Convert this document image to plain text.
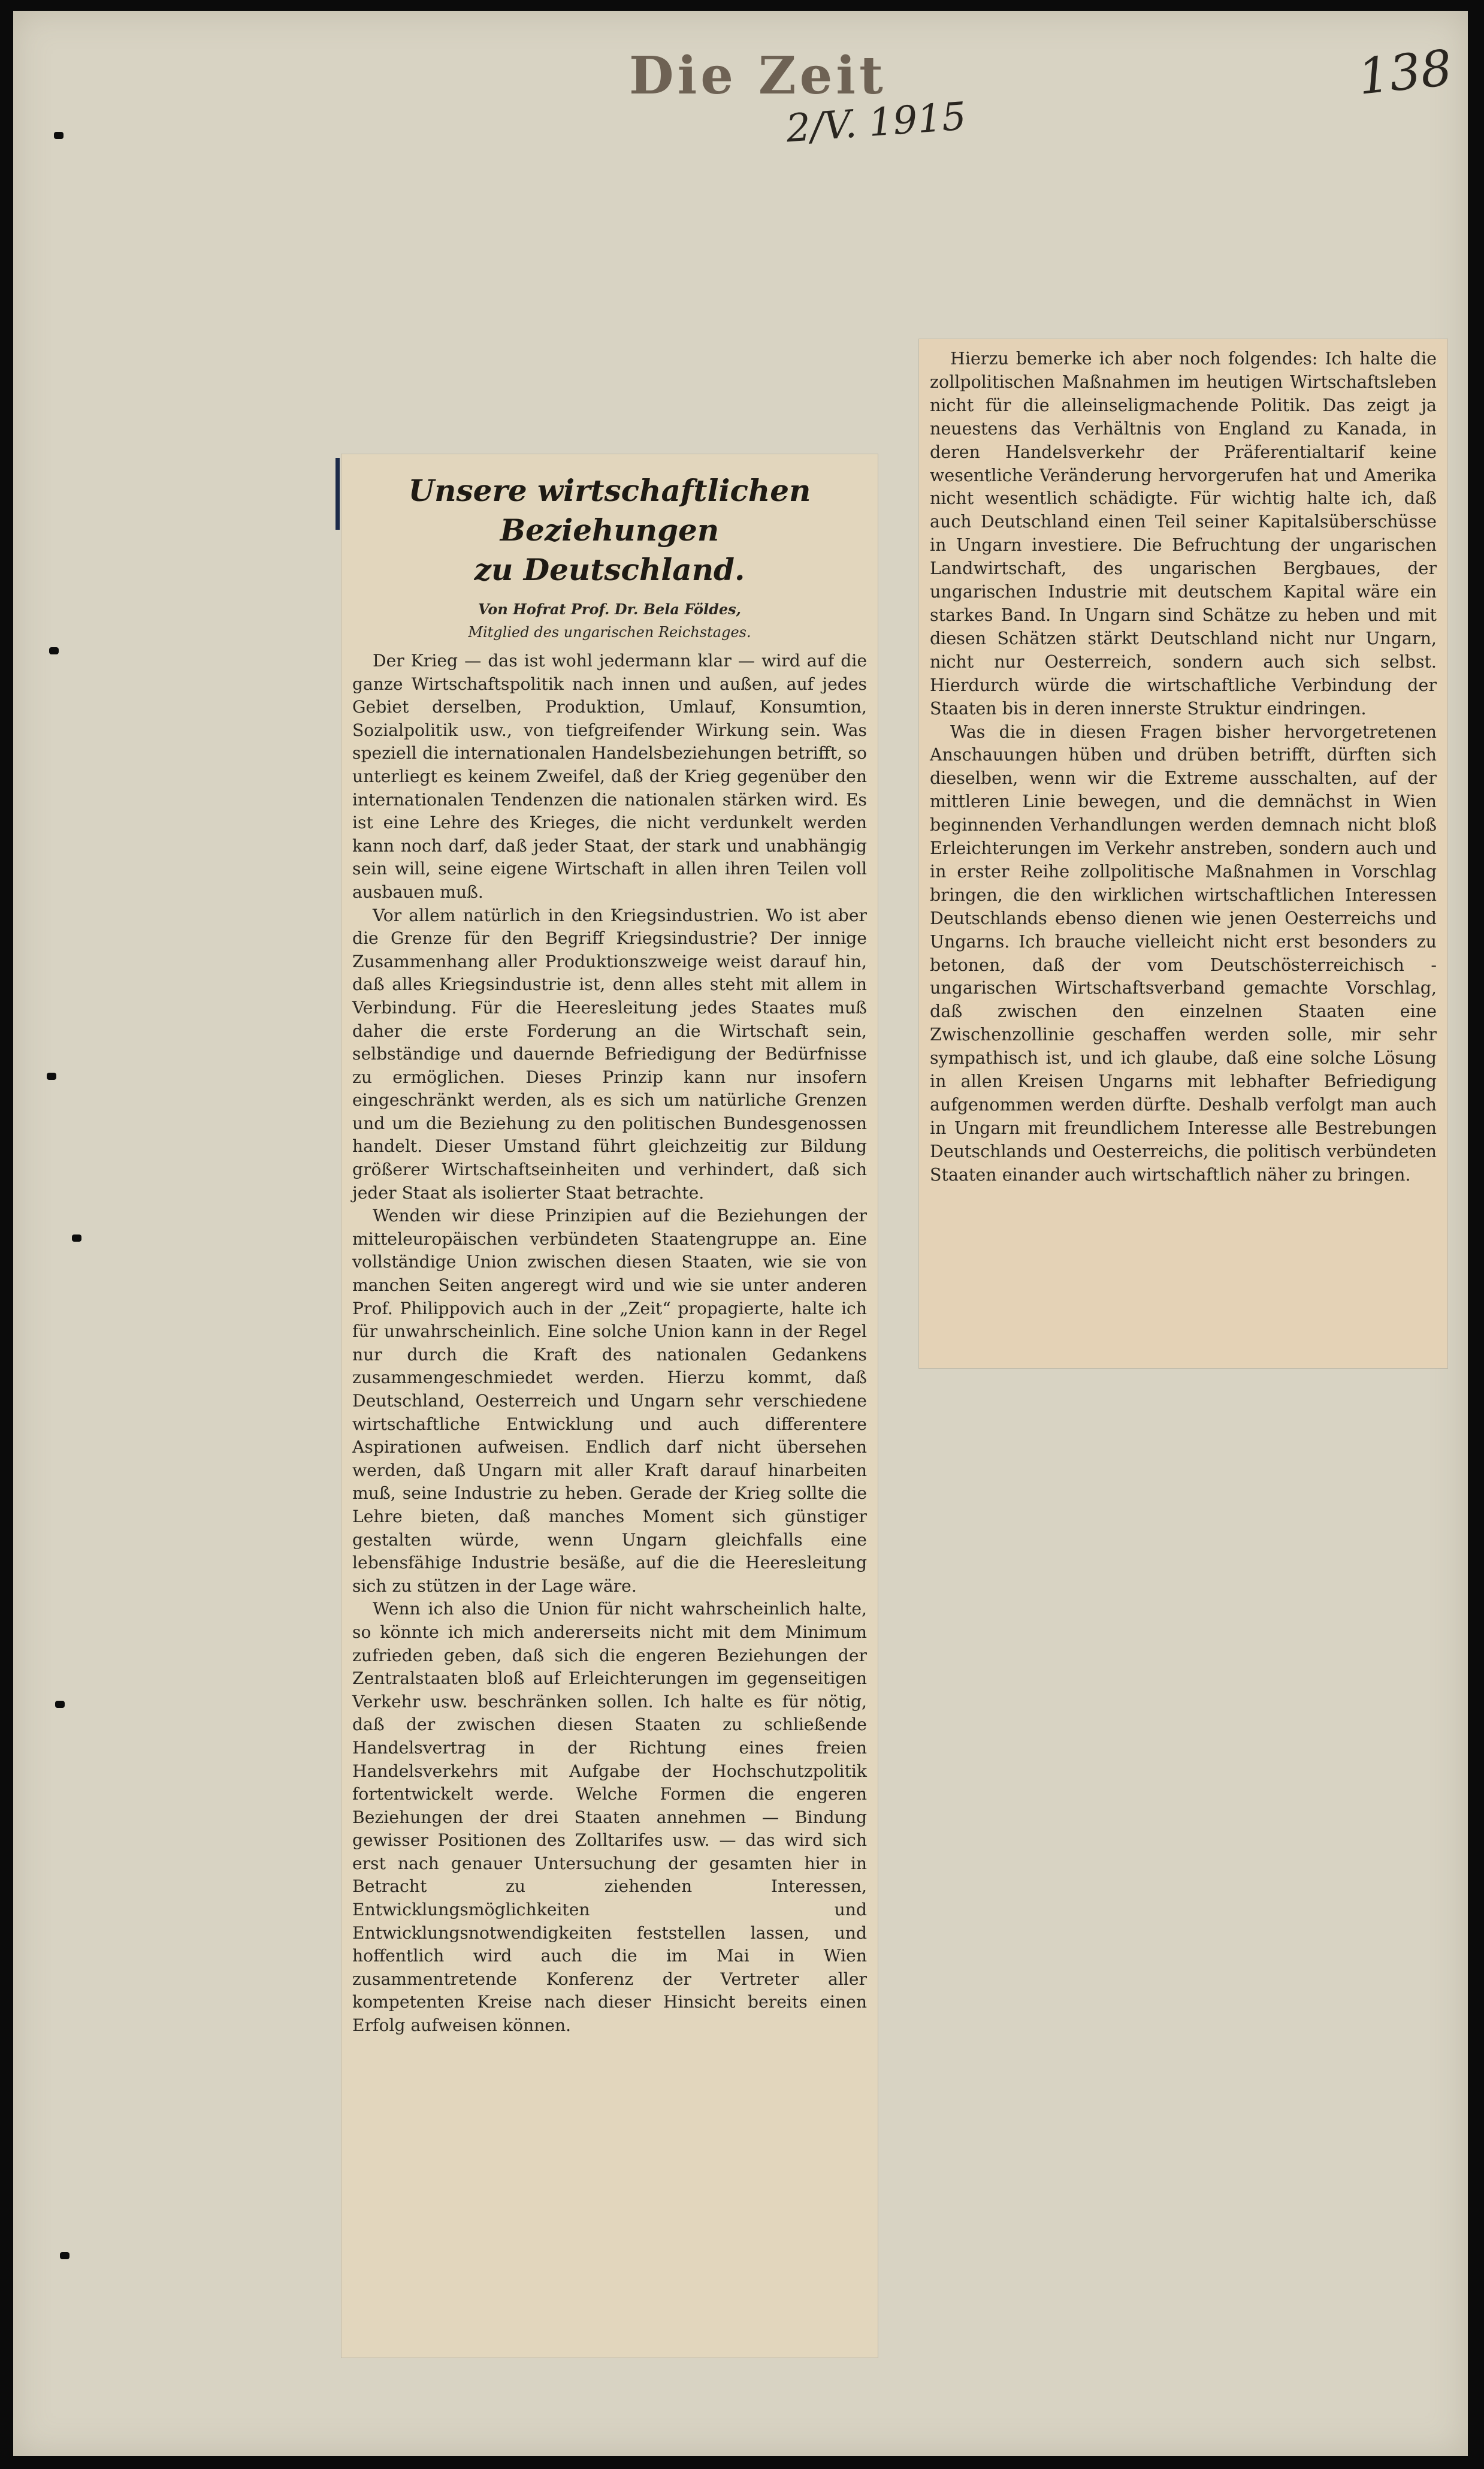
Die Zeit
2/V. 1915
138
Unsere wirtschaftlichen Beziehungen
zu Deutschland.
Von Hofrat Prof. Dr. Bela Földes,
Mitglied des ungarischen Reichstages.

Der Krieg — das ist wohl jedermann klar — wird auf die ganze Wirtschaftspolitik nach innen und außen, auf jedes Gebiet derselben, Produktion, Umlauf, Konsumtion, Sozialpolitik usw., von tiefgreifender Wirkung sein. Was speziell die internationalen Handelsbeziehungen betrifft, so unterliegt es keinem Zweifel, daß der Krieg gegenüber den internationalen Tendenzen die nationalen stärken wird. Es ist eine Lehre des Krieges, die nicht verdunkelt werden kann noch darf, daß jeder Staat, der stark und unabhängig sein will, seine eigene Wirtschaft in allen ihren Teilen voll ausbauen muß.

Vor allem natürlich in den Kriegsindustrien. Wo ist aber die Grenze für den Begriff Kriegsindustrie? Der innige Zusammenhang aller Produktionszweige weist darauf hin, daß alles Kriegsindustrie ist, denn alles steht mit allem in Verbindung. Für die Heeresleitung jedes Staates muß daher die erste Forderung an die Wirtschaft sein, selbständige und dauernde Befriedigung der Bedürfnisse zu ermöglichen. Dieses Prinzip kann nur insofern eingeschränkt werden, als es sich um natürliche Grenzen und um die Beziehung zu den politischen Bundesgenossen handelt. Dieser Umstand führt gleichzeitig zur Bildung größerer Wirtschaftseinheiten und verhindert, daß sich jeder Staat als isolierter Staat betrachte.

Wenden wir diese Prinzipien auf die Beziehungen der mitteleuropäischen verbündeten Staatengruppe an. Eine vollständige Union zwischen diesen Staaten, wie sie von manchen Seiten angeregt wird und wie sie unter anderen Prof. Philippovich auch in der „Zeit“ propagierte, halte ich für unwahrscheinlich. Eine solche Union kann in der Regel nur durch die Kraft des nationalen Gedankens zusammengeschmiedet werden. Hierzu kommt, daß Deutschland, Oesterreich und Ungarn sehr verschiedene wirtschaftliche Entwicklung und auch differentere Aspirationen aufweisen. Endlich darf nicht übersehen werden, daß Ungarn mit aller Kraft darauf hinarbeiten muß, seine Industrie zu heben. Gerade der Krieg sollte die Lehre bieten, daß manches Moment sich günstiger gestalten würde, wenn Ungarn gleichfalls eine lebensfähige Industrie besäße, auf die die Heeresleitung sich zu stützen in der Lage wäre.

Wenn ich also die Union für nicht wahrscheinlich halte, so könnte ich mich andererseits nicht mit dem Minimum zufrieden geben, daß sich die engeren Beziehungen der Zentralstaaten bloß auf Erleichterungen im gegenseitigen Verkehr usw. beschränken sollen. Ich halte es für nötig, daß der zwischen diesen Staaten zu schließende Handelsvertrag in der Richtung eines freien Handelsverkehrs mit Aufgabe der Hochschutzpolitik fortentwickelt werde. Welche Formen die engeren Beziehungen der drei Staaten annehmen — Bindung gewisser Positionen des Zolltarifes usw. — das wird sich erst nach genauer Untersuchung der gesamten hier in Betracht zu ziehenden Interessen, Entwicklungsmöglichkeiten und Entwicklungsnotwendigkeiten feststellen lassen, und hoffentlich wird auch die im Mai in Wien zusammentretende Konferenz der Vertreter aller kompetenten Kreise nach dieser Hinsicht bereits einen Erfolg aufweisen können.

Hierzu bemerke ich aber noch folgendes: Ich halte die zollpolitischen Maßnahmen im heutigen Wirtschaftsleben nicht für die alleinseligmachende Politik. Das zeigt ja neuestens das Verhältnis von England zu Kanada, in deren Handelsverkehr der Präferentialtarif keine wesentliche Veränderung hervorgerufen hat und Amerika nicht wesentlich schädigte. Für wichtig halte ich, daß auch Deutschland einen Teil seiner Kapitalsüberschüsse in Ungarn investiere. Die Befruchtung der ungarischen Landwirtschaft, des ungarischen Bergbaues, der ungarischen Industrie mit deutschem Kapital wäre ein starkes Band. In Ungarn sind Schätze zu heben und mit diesen Schätzen stärkt Deutschland nicht nur Ungarn, nicht nur Oesterreich, sondern auch sich selbst. Hierdurch würde die wirtschaftliche Verbindung der Staaten bis in deren innerste Struktur eindringen.

Was die in diesen Fragen bisher hervorgetretenen Anschauungen hüben und drüben betrifft, dürften sich dieselben, wenn wir die Extreme ausschalten, auf der mittleren Linie bewegen, und die demnächst in Wien beginnenden Verhandlungen werden demnach nicht bloß Erleichterungen im Verkehr anstreben, sondern auch und in erster Reihe zollpolitische Maßnahmen in Vorschlag bringen, die den wirklichen wirtschaftlichen Interessen Deutschlands ebenso dienen wie jenen Oesterreichs und Ungarns. Ich brauche vielleicht nicht erst besonders zu betonen, daß der vom Deutschösterreichisch - ungarischen Wirtschaftsverband gemachte Vorschlag, daß zwischen den einzelnen Staaten eine Zwischenzollinie geschaffen werden solle, mir sehr sympathisch ist, und ich glaube, daß eine solche Lösung in allen Kreisen Ungarns mit lebhafter Befriedigung aufgenommen werden dürfte. Deshalb verfolgt man auch in Ungarn mit freundlichem Interesse alle Bestrebungen Deutschlands und Oesterreichs, die politisch verbündeten Staaten einander auch wirtschaftlich näher zu bringen.
